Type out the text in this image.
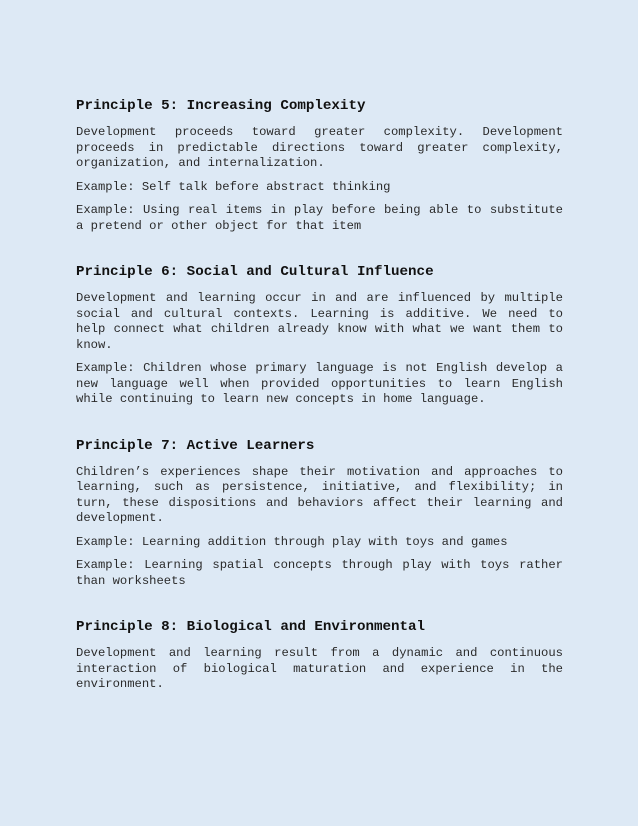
Principle 5: Increasing Complexity

Development proceeds toward greater complexity. Development proceeds in predictable directions toward greater complexity, organization, and internalization.

Example: Self talk before abstract thinking

Example: Using real items in play before being able to substitute a pretend or other object for that item

Principle 6: Social and Cultural Influence

Development and learning occur in and are influenced by multiple social and cultural contexts. Learning is additive. We need to help connect what children already know with what we want them to know.

Example: Children whose primary language is not English develop a new language well when provided opportunities to learn English while continuing to learn new concepts in home language.

Principle 7: Active Learners

Children’s experiences shape their motivation and approaches to learning, such as persistence, initiative, and flexibility; in turn, these dispositions and behaviors affect their learning and development.

Example: Learning addition through play with toys and games

Example: Learning spatial concepts through play with toys rather than worksheets

Principle 8: Biological and Environmental

Development and learning result from a dynamic and continuous interaction of biological maturation and experience in the environment.
